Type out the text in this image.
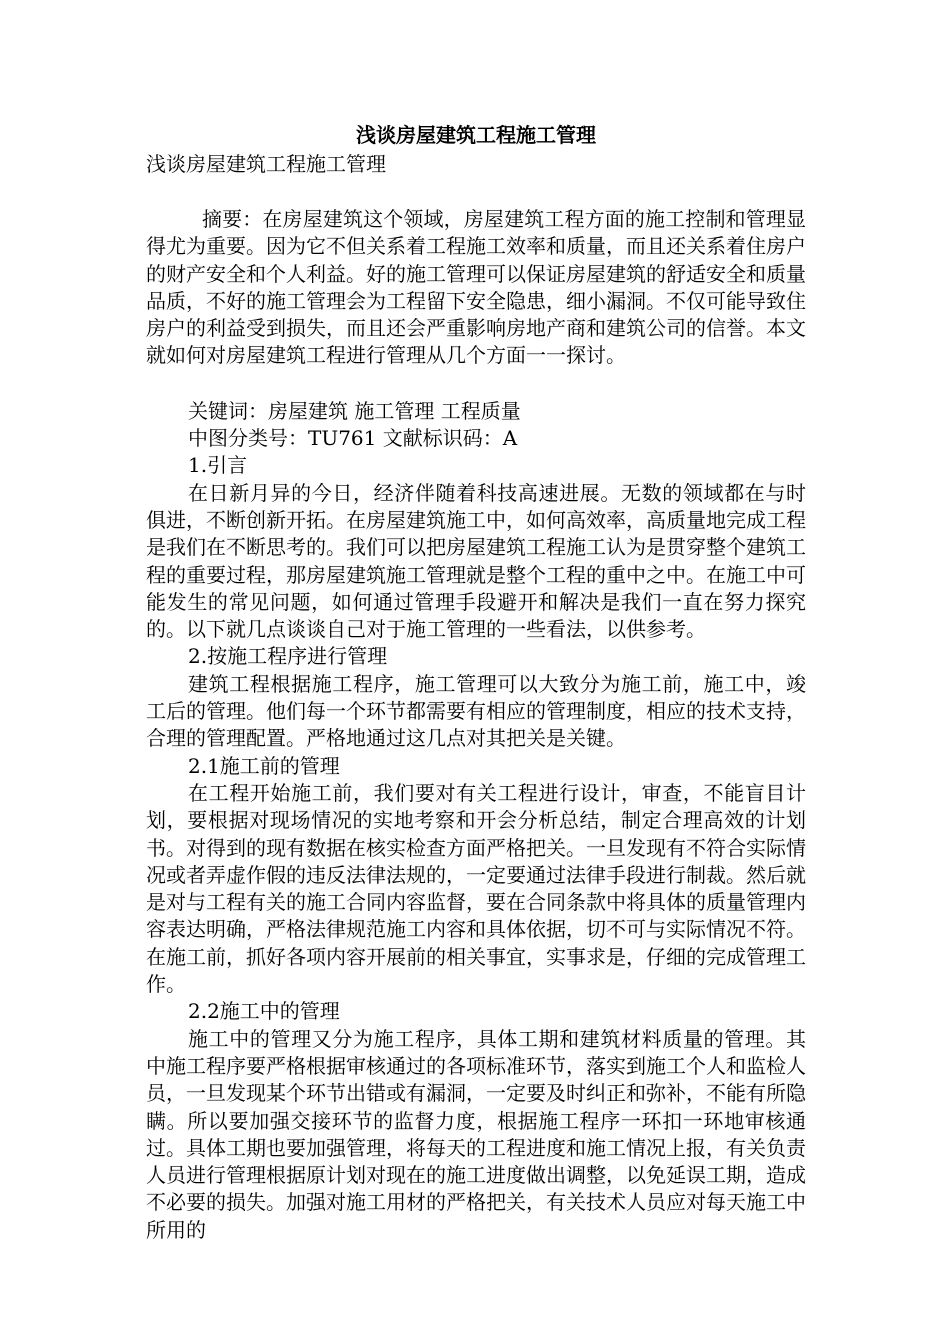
浅谈房屋建筑工程施工管理
浅谈房屋建筑工程施工管理

摘要：在房屋建筑这个领域，房屋建筑工程方面的施工控制和管理显得尤为重要。因为它不但关系着工程施工效率和质量，而且还关系着住房户的财产安全和个人利益。好的施工管理可以保证房屋建筑的舒适安全和质量品质，不好的施工管理会为工程留下安全隐患，细小漏洞。不仅可能导致住房户的利益受到损失，而且还会严重影响房地产商和建筑公司的信誉。本文就如何对房屋建筑工程进行管理从几个方面一一探讨。

关键词：房屋建筑 施工管理 工程质量

中图分类号：TU761 文献标识码：A

1.引言

在日新月异的今日，经济伴随着科技高速进展。无数的领域都在与时俱进，不断创新开拓。在房屋建筑施工中，如何高效率，高质量地完成工程是我们在不断思考的。我们可以把房屋建筑工程施工认为是贯穿整个建筑工程的重要过程，那房屋建筑施工管理就是整个工程的重中之中。在施工中可能发生的常见问题，如何通过管理手段避开和解决是我们一直在努力探究的。以下就几点谈谈自己对于施工管理的一些看法，以供参考。

2.按施工程序进行管理

建筑工程根据施工程序，施工管理可以大致分为施工前，施工中，竣工后的管理。他们每一个环节都需要有相应的管理制度，相应的技术支持，合理的管理配置。严格地通过这几点对其把关是关键。

2.1施工前的管理

在工程开始施工前，我们要对有关工程进行设计，审查，不能盲目计划，要根据对现场情况的实地考察和开会分析总结，制定合理高效的计划书。对得到的现有数据在核实检查方面严格把关。一旦发现有不符合实际情况或者弄虚作假的违反法律法规的，一定要通过法律手段进行制裁。然后就是对与工程有关的施工合同内容监督，要在合同条款中将具体的质量管理内容表达明确，严格法律规范施工内容和具体依据，切不可与实际情况不符。在施工前，抓好各项内容开展前的相关事宜，实事求是，仔细的完成管理工作。

2.2施工中的管理

施工中的管理又分为施工程序，具体工期和建筑材料质量的管理。其中施工程序要严格根据审核通过的各项标准环节，落实到施工个人和监检人员，一旦发现某个环节出错或有漏洞，一定要及时纠正和弥补，不能有所隐瞒。所以要加强交接环节的监督力度，根据施工程序一环扣一环地审核通过。具体工期也要加强管理，将每天的工程进度和施工情况上报，有关负责人员进行管理根据原计划对现在的施工进度做出调整，以免延误工期，造成不必要的损失。加强对施工用材的严格把关，有关技术人员应对每天施工中所用的
